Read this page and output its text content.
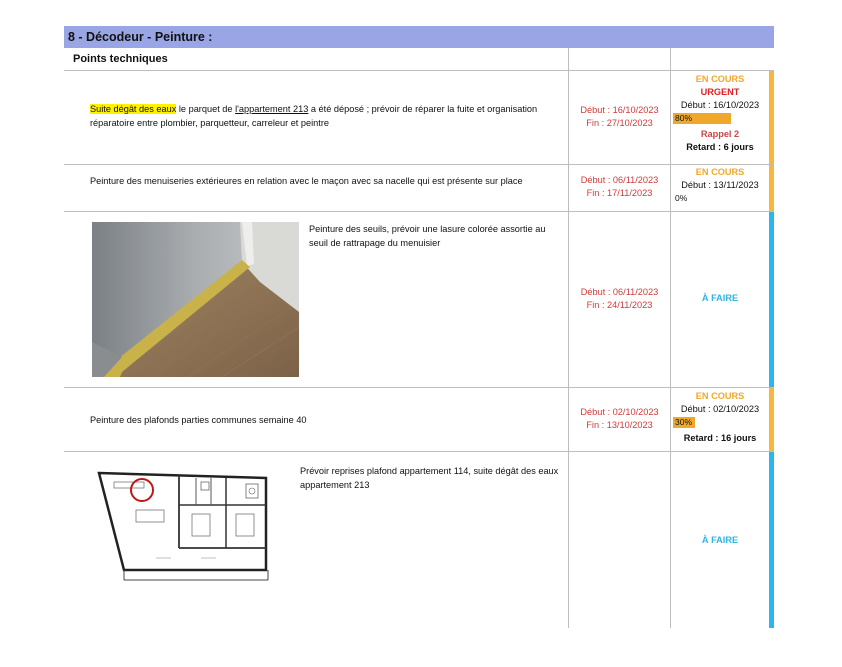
8 - Décodeur - Peinture :
Points techniques
Suite dégât des eaux le parquet de l'appartement 213 a été déposé ; prévoir de réparer la fuite et organisation réparatoire entre plombier, parquetteur, carreleur et peintre
Début : 16/10/2023
Fin : 27/10/2023
EN COURS
URGENT
Début : 16/10/2023
80%
Rappel 2
Retard : 6 jours
Peinture des menuiseries extérieures en relation avec le maçon avec sa nacelle qui est présente sur place	Début : 06/11/2023
Fin : 17/11/2023
EN COURS
Début : 13/11/2023
0%
Peinture des seuils, prévoir une lasure colorée assortie au seuil de rattrapage du menuisier
Début : 06/11/2023
Fin : 24/11/2023
À FAIRE
Peinture des plafonds parties communes semaine 40
Début : 02/10/2023
Fin : 13/10/2023
EN COURS
Début : 02/10/2023
30%
Retard : 16 jours
Prévoir reprises plafond appartement 114, suite dégât des eaux appartement 213
À FAIRE
